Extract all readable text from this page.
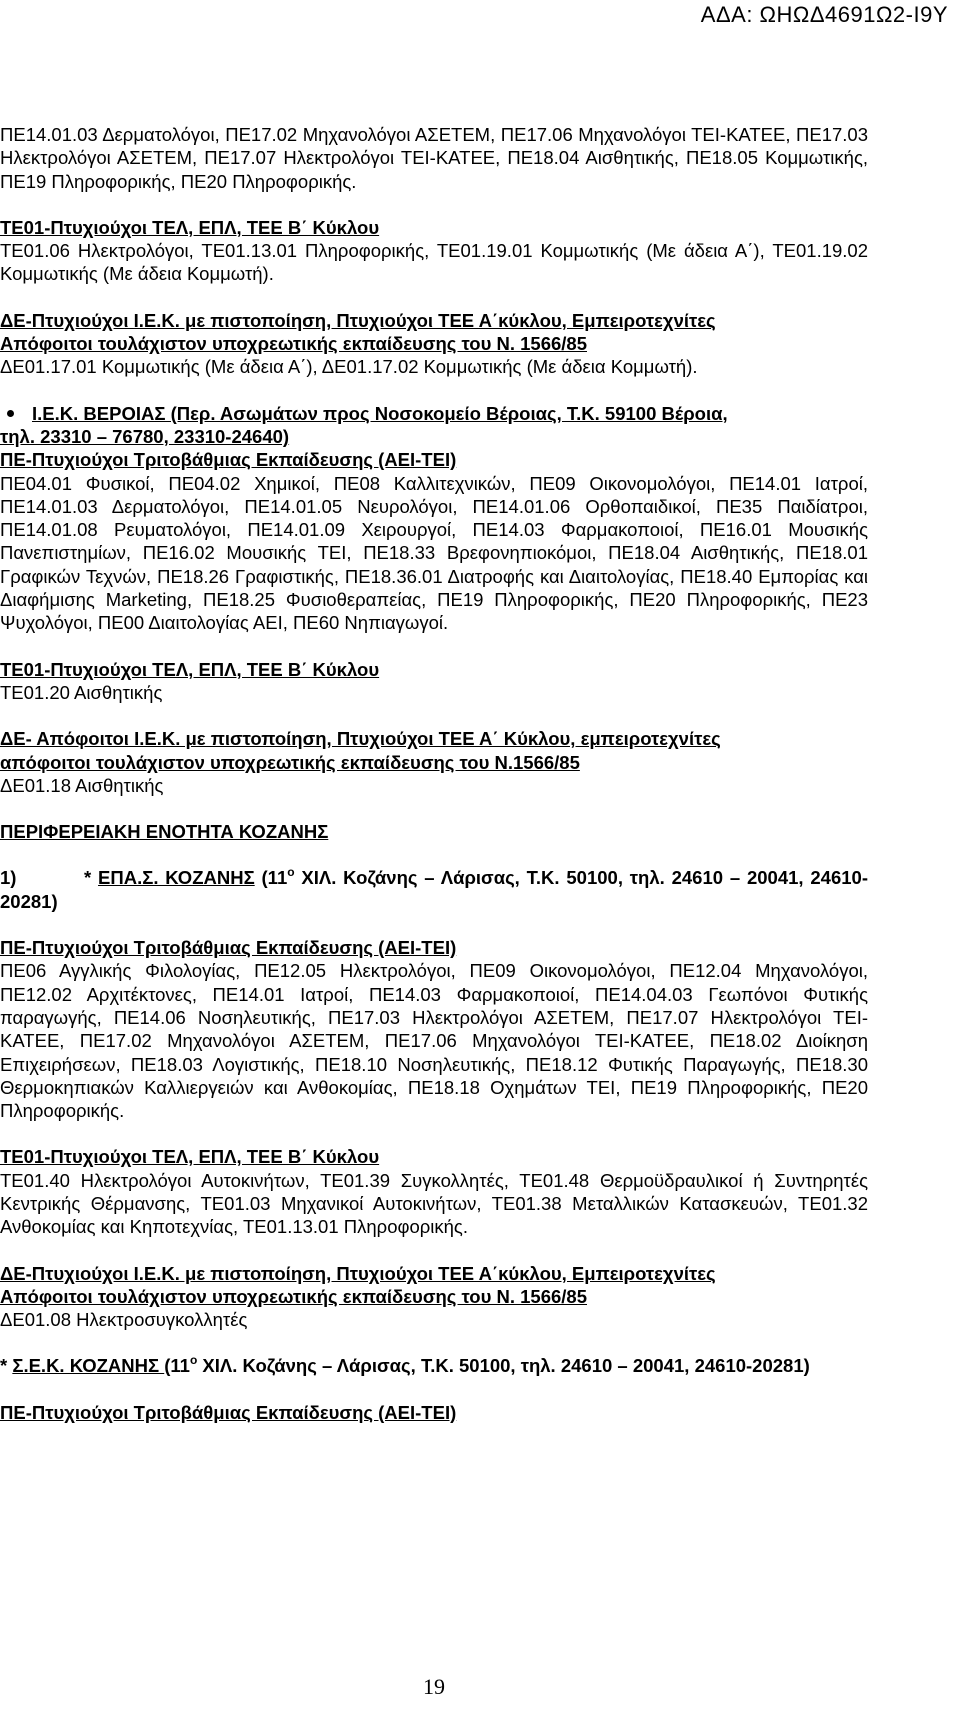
ΑΔΑ: ΩΗΩΔ4691Ω2-Ι9Υ

ΠΕ14.01.03 Δερματολόγοι, ΠΕ17.02 Μηχανολόγοι ΑΣΕΤΕΜ, ΠΕ17.06 Μηχανολόγοι ΤΕΙ-ΚΑΤΕΕ, ΠΕ17.03 Ηλεκτρολόγοι ΑΣΕΤΕΜ, ΠΕ17.07 Ηλεκτρολόγοι ΤΕΙ-ΚΑΤΕΕ, ΠΕ18.04 Αισθητικής, ΠΕ18.05 Κομμωτικής, ΠΕ19 Πληροφορικής, ΠΕ20 Πληροφορικής.

ΤΕ01-Πτυχιούχοι ΤΕΛ, ΕΠΛ, ΤΕΕ Β΄ Κύκλου

ΤΕ01.06 Ηλεκτρολόγοι, ΤΕ01.13.01 Πληροφορικής, ΤΕ01.19.01 Κομμωτικής (Με άδεια Α΄), ΤΕ01.19.02 Κομμωτικής (Με άδεια Κομμωτή).

ΔΕ-Πτυχιούχοι Ι.Ε.Κ. με πιστοποίηση, Πτυχιούχοι ΤΕΕ Α΄κύκλου, Εμπειροτεχνίτες

Απόφοιτοι τουλάχιστον υποχρεωτικής εκπαίδευσης του Ν. 1566/85

ΔΕ01.17.01 Κομμωτικής (Με άδεια Α΄), ΔΕ01.17.02 Κομμωτικής (Με άδεια Κομμωτή).

Ι.Ε.Κ. ΒΕΡΟΙΑΣ (Περ. Ασωμάτων προς Νοσοκομείο Βέροιας, Τ.Κ. 59100 Βέροια,

τηλ. 23310 – 76780, 23310-24640)

ΠΕ-Πτυχιούχοι Τριτοβάθμιας Εκπαίδευσης (ΑΕΙ-ΤΕΙ)

ΠΕ04.01 Φυσικοί, ΠΕ04.02 Χημικοί, ΠΕ08 Καλλιτεχνικών, ΠΕ09 Οικονομολόγοι, ΠΕ14.01 Ιατροί, ΠΕ14.01.03 Δερματολόγοι, ΠΕ14.01.05 Νευρολόγοι, ΠΕ14.01.06 Ορθοπαιδικοί, ΠΕ35 Παιδίατροι, ΠΕ14.01.08 Ρευματολόγοι, ΠΕ14.01.09 Χειρουργοί, ΠΕ14.03 Φαρμακοποιοί, ΠΕ16.01 Μουσικής Πανεπιστημίων, ΠΕ16.02 Μουσικής ΤΕΙ, ΠΕ18.33 Βρεφονηπιοκόμοι, ΠΕ18.04 Αισθητικής, ΠΕ18.01 Γραφικών Τεχνών, ΠΕ18.26 Γραφιστικής, ΠΕ18.36.01 Διατροφής και Διαιτολογίας, ΠΕ18.40 Εμπορίας και Διαφήμισης Marketing, ΠΕ18.25 Φυσιοθεραπείας, ΠΕ19 Πληροφορικής, ΠΕ20 Πληροφορικής, ΠΕ23 Ψυχολόγοι, ΠΕ00 Διαιτολογίας ΑΕΙ, ΠΕ60 Νηπιαγωγοί.

ΤΕ01-Πτυχιούχοι ΤΕΛ, ΕΠΛ, ΤΕΕ Β΄ Κύκλου

ΤΕ01.20 Αισθητικής

ΔΕ- Απόφοιτοι Ι.Ε.Κ. με πιστοποίηση, Πτυχιούχοι ΤΕΕ Α΄ Κύκλου, εμπειροτεχνίτες

απόφοιτοι τουλάχιστον υποχρεωτικής εκπαίδευσης του Ν.1566/85

ΔΕ01.18 Αισθητικής

ΠΕΡΙΦΕΡΕΙΑΚΗ ΕΝΟΤΗΤΑ ΚΟΖΑΝΗΣ

1)	* ΕΠΑ.Σ. ΚΟΖΑΝΗΣ ($11^o$ ΧΙΛ. Κοζάνης – Λάρισας, Τ.Κ. 50100, τηλ. 24610 – 20041, 24610-20281)

ΠΕ-Πτυχιούχοι Τριτοβάθμιας Εκπαίδευσης (ΑΕΙ-ΤΕΙ)

ΠΕ06 Αγγλικής Φιλολογίας, ΠΕ12.05 Ηλεκτρολόγοι, ΠΕ09 Οικονομολόγοι, ΠΕ12.04 Μηχανολόγοι, ΠΕ12.02 Αρχιτέκτονες, ΠΕ14.01 Ιατροί, ΠΕ14.03 Φαρμακοποιοί, ΠΕ14.04.03 Γεωπόνοι Φυτικής παραγωγής, ΠΕ14.06 Νοσηλευτικής, ΠΕ17.03 Ηλεκτρολόγοι ΑΣΕΤΕΜ, ΠΕ17.07 Ηλεκτρολόγοι ΤΕΙ-ΚΑΤΕΕ, ΠΕ17.02 Μηχανολόγοι ΑΣΕΤΕΜ, ΠΕ17.06 Μηχανολόγοι ΤΕΙ-ΚΑΤΕΕ, ΠΕ18.02 Διοίκηση Επιχειρήσεων, ΠΕ18.03 Λογιστικής, ΠΕ18.10 Νοσηλευτικής, ΠΕ18.12 Φυτικής Παραγωγής, ΠΕ18.30 Θερμοκηπιακών Καλλιεργειών και Ανθοκομίας, ΠΕ18.18 Οχημάτων ΤΕΙ, ΠΕ19 Πληροφορικής, ΠΕ20 Πληροφορικής.

ΤΕ01-Πτυχιούχοι ΤΕΛ, ΕΠΛ, ΤΕΕ Β΄ Κύκλου

ΤΕ01.40 Ηλεκτρολόγοι Αυτοκινήτων, ΤΕ01.39 Συγκολλητές, ΤΕ01.48 Θερμοϋδραυλικοί ή Συντηρητές Κεντρικής Θέρμανσης, ΤΕ01.03 Μηχανικοί Αυτοκινήτων, ΤΕ01.38 Μεταλλικών Κατασκευών, ΤΕ01.32 Ανθοκομίας και Κηποτεχνίας, ΤΕ01.13.01 Πληροφορικής.

ΔΕ-Πτυχιούχοι Ι.Ε.Κ. με πιστοποίηση, Πτυχιούχοι ΤΕΕ Α΄κύκλου, Εμπειροτεχνίτες

Απόφοιτοι τουλάχιστον υποχρεωτικής εκπαίδευσης του Ν. 1566/85

ΔΕ01.08 Ηλεκτροσυγκολλητές

* Σ.Ε.Κ. ΚΟΖΑΝΗΣ ($11^o$ ΧΙΛ. Κοζάνης – Λάρισας, Τ.Κ. 50100, τηλ. 24610 – 20041, 24610-20281)

ΠΕ-Πτυχιούχοι Τριτοβάθμιας Εκπαίδευσης (ΑΕΙ-ΤΕΙ)

19
